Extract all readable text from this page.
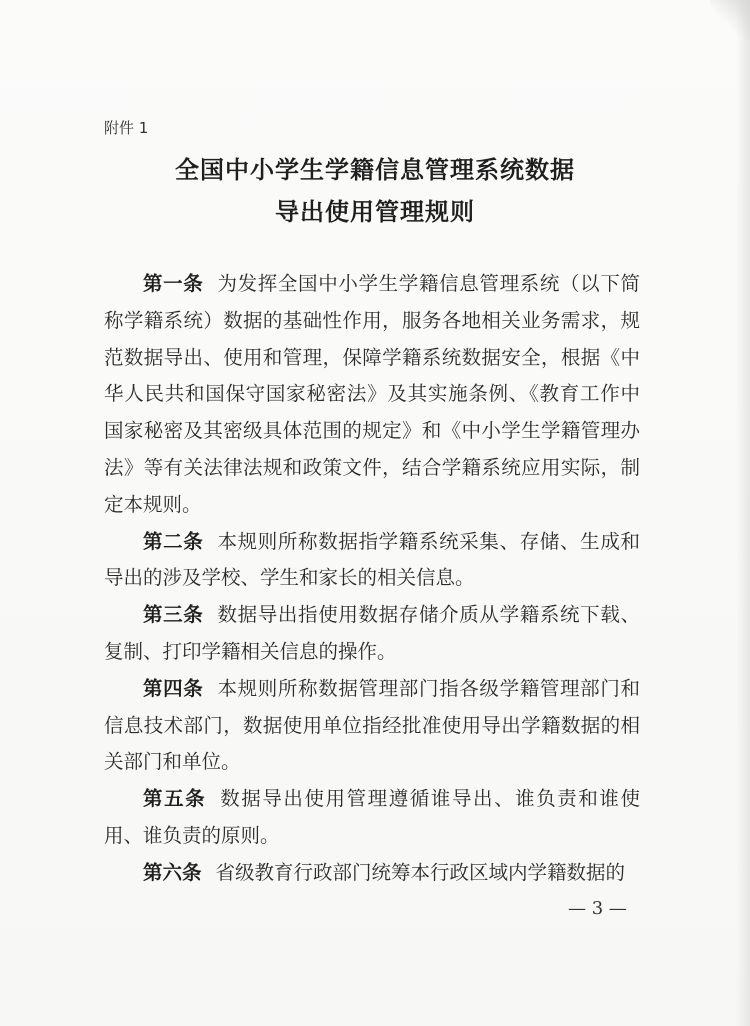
附件 1
全国中小学生学籍信息管理系统数据
导出使用管理规则

第一条 为发挥全国中小学生学籍信息管理系统（以下简称学籍系统）数据的基础性作用，服务各地相关业务需求，规范数据导出、使用和管理，保障学籍系统数据安全，根据《中华人民共和国保守国家秘密法》及其实施条例、《教育工作中国家秘密及其密级具体范围的规定》和《中小学生学籍管理办法》等有关法律法规和政策文件，结合学籍系统应用实际，制定本规则。

第二条 本规则所称数据指学籍系统采集、存储、生成和导出的涉及学校、学生和家长的相关信息。

第三条 数据导出指使用数据存储介质从学籍系统下载、复制、打印学籍相关信息的操作。

第四条 本规则所称数据管理部门指各级学籍管理部门和信息技术部门，数据使用单位指经批准使用导出学籍数据的相关部门和单位。

第五条 数据导出使用管理遵循谁导出、谁负责和谁使用、谁负责的原则。

第六条 省级教育行政部门统筹本行政区域内学籍数据的

— 3 —
